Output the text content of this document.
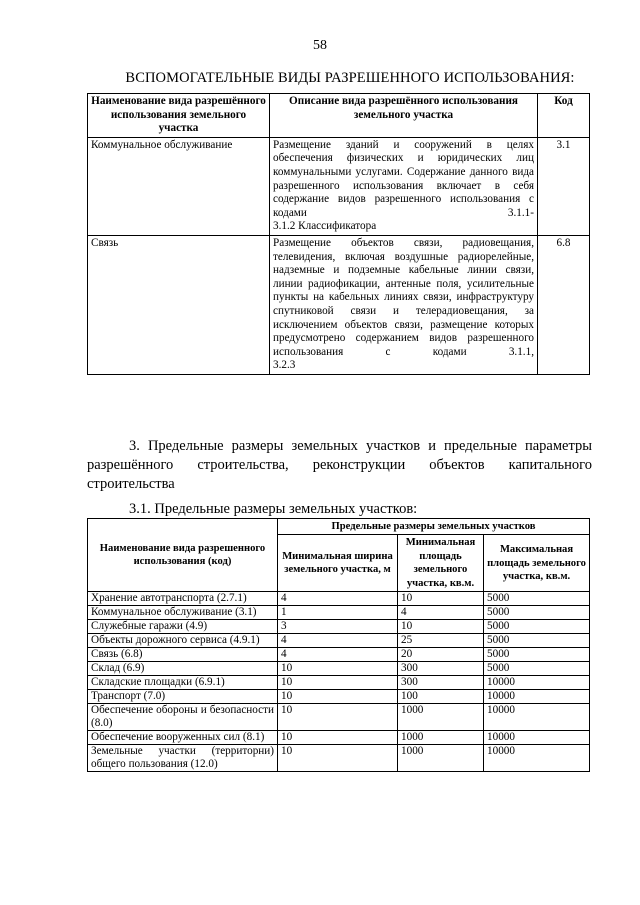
58
ВСПОМОГАТЕЛЬНЫЕ ВИДЫ РАЗРЕШЕННОГО ИСПОЛЬЗОВАНИЯ:
Наименование вида разрешённого использования земельного участка	Описание вида разрешённого использования земельного участка	Код
Коммунальное обслуживание	Размещение зданий и сооружений в целях обеспечения физических и юридических лиц коммунальными услугами. Содержание данного вида разрешенного использования включает в себя содержание видов разрешенного использования с кодами 3.1.1-
3.1.2 Классификатора	3.1
Связь	Размещение объектов связи, радиовещания, телевидения, включая воздушные радиорелейные, надземные и подземные кабельные линии связи, линии радиофикации, антенные поля, усилительные пункты на кабельных линиях связи, инфраструктуру спутниковой связи и телерадиовещания, за исключением объектов связи, размещение которых предусмотрено содержанием видов разрешенного использования с кодами 3.1.1,
3.2.3	6.8
3. Предельные размеры земельных участков и предельные параметры разрешённого строительства, реконструкции объектов капитального строительства
3.1. Предельные размеры земельных участков:
Наименование вида разрешенного использования (код)	Предельные размеры земельных участков		
	Минимальная ширина земельного участка, м	Минимальная площадь земельного участка, кв.м.	Максимальная площадь земельного участка, кв.м.
Хранение автотранспорта (2.7.1)	4	10	5000
Коммунальное обслуживание (3.1)	1	4	5000
Служебные гаражи (4.9)	3	10	5000
Объекты дорожного сервиса (4.9.1)	4	25	5000
Связь (6.8)	4	20	5000
Склад (6.9)	10	300	5000
Складские площадки (6.9.1)	10	300	10000
Транспорт (7.0)	10	100	10000
Обеспечение обороны и безопасности (8.0)	10	1000	10000
Обеспечение вооруженных сил (8.1)	10	1000	10000
Земельные участки (территорни) общего пользования (12.0)	10	1000	10000
